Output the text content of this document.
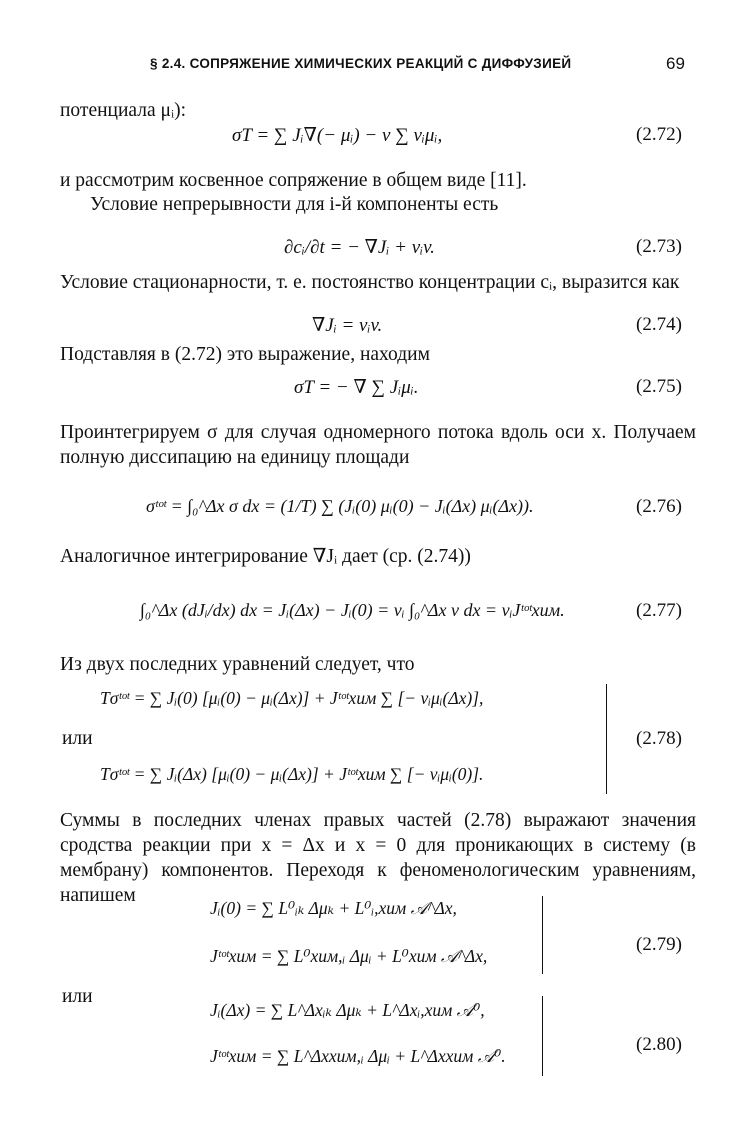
§ 2.4. СОПРЯЖЕНИЕ ХИМИЧЕСКИХ РЕАКЦИЙ С ДИФФУЗИЕЙ	69
потенциала μᵢ):
σT = ∑ Jᵢ∇(− μᵢ) − v ∑ νᵢμᵢ,	(2.72)
и рассмотрим косвенное сопряжение в общем виде [11].
Условие непрерывности для i-й компоненты есть
∂cᵢ/∂t = − ∇Jᵢ + νᵢv.	(2.73)
Условие стационарности, т. е. постоянство концентрации cᵢ, выразится как
∇Jᵢ = νᵢv.	(2.74)
Подставляя в (2.72) это выражение, находим
σT = − ∇ ∑ Jᵢμᵢ.	(2.75)
Проинтегрируем σ для случая одномерного потока вдоль оси x. Получаем полную диссипацию на единицу площади
σᵗᵒᵗ = ∫₀^Δx σ dx = (1/T) ∑ (Jᵢ(0) μᵢ(0) − Jᵢ(Δx) μᵢ(Δx)).	(2.76)
Аналогичное интегрирование ∇Jᵢ дает (ср. (2.74))
∫₀^Δx (dJᵢ/dx) dx = Jᵢ(Δx) − Jᵢ(0) = νᵢ ∫₀^Δx v dx = νᵢJᵗᵒᵗхим.	(2.77)
Из двух последних уравнений следует, что
Tσᵗᵒᵗ = ∑ Jᵢ(0) [μᵢ(0) − μᵢ(Δx)] + Jᵗᵒᵗхим ∑ [− νᵢμᵢ(Δx)],
или
Tσᵗᵒᵗ = ∑ Jᵢ(Δx) [μᵢ(0) − μᵢ(Δx)] + Jᵗᵒᵗхим ∑ [− νᵢμᵢ(0)].
(2.78)
Суммы в последних членах правых частей (2.78) выражают значения сродства реакции при x = Δx и x = 0 для проникающих в систему (в мембрану) компонентов. Переходя к феноменологическим уравнениям, напишем
Jᵢ(0) = ∑ L⁰ᵢₖ Δμₖ + L⁰ᵢ,хим 𝒜^Δx,
Jᵗᵒᵗхим = ∑ L⁰хим,ᵢ Δμᵢ + L⁰хим 𝒜^Δx,
(2.79)
или
Jᵢ(Δx) = ∑ L^Δxᵢₖ Δμₖ + L^Δxᵢ,хим 𝒜⁰,
Jᵗᵒᵗхим = ∑ L^Δxхим,ᵢ Δμᵢ + L^Δxхим 𝒜⁰.
(2.80)
